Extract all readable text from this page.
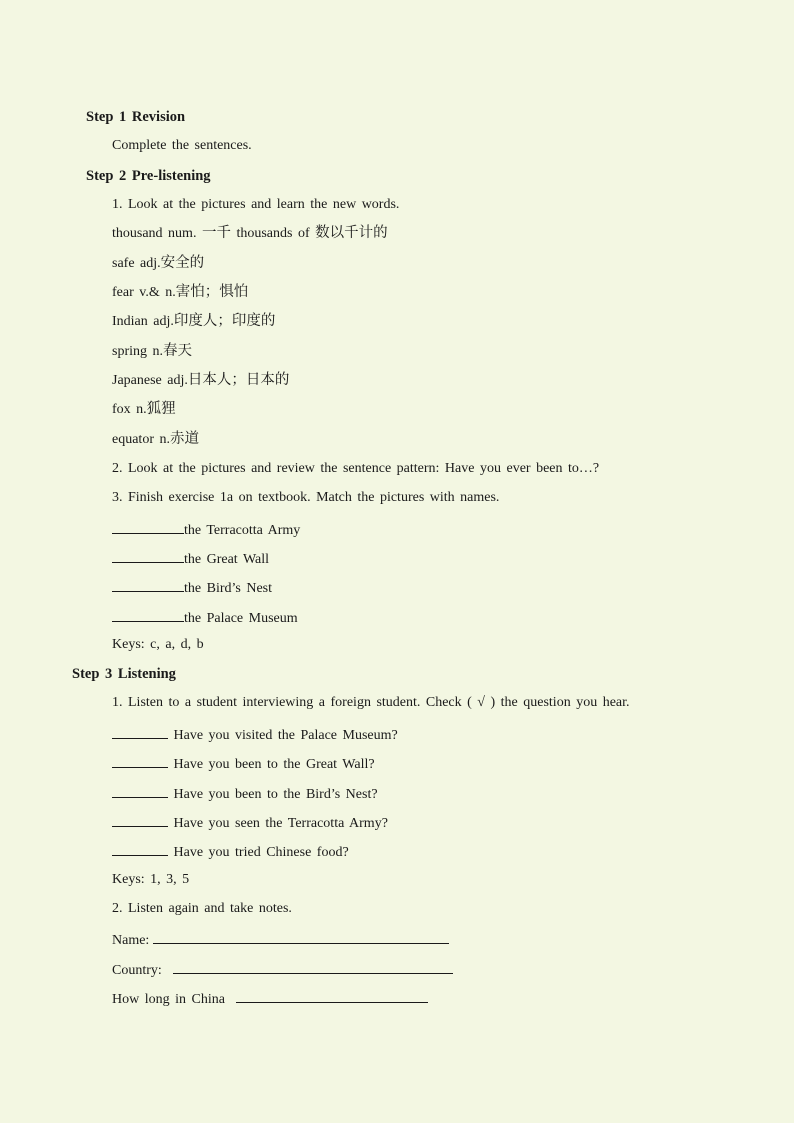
Step 1 Revision
Complete the sentences.
Step 2 Pre-listening
1. Look at the pictures and learn the new words.
thousand num. 一千 thousands of 数以千计的
safe adj.安全的
fear v.& n.害怕；惧怕
Indian adj.印度人；印度的
spring n.春天
Japanese adj.日本人；日本的
fox n.狐狸
equator n.赤道
2. Look at the pictures and review the sentence pattern: Have you ever been to…?
3. Finish exercise 1a on textbook. Match the pictures with names.
the Terracotta Army
the Great Wall
the Bird’s Nest
the Palace Museum
Keys: c, a, d, b
Step 3 Listening
1. Listen to a student interviewing a foreign student. Check ( √ ) the question you hear.
Have you visited the Palace Museum?
Have you been to the Great Wall?
Have you been to the Bird’s Nest?
Have you seen the Terracotta Army?
Have you tried Chinese food?
Keys: 1, 3, 5
2. Listen again and take notes.
Name:
Country:
How long in China
